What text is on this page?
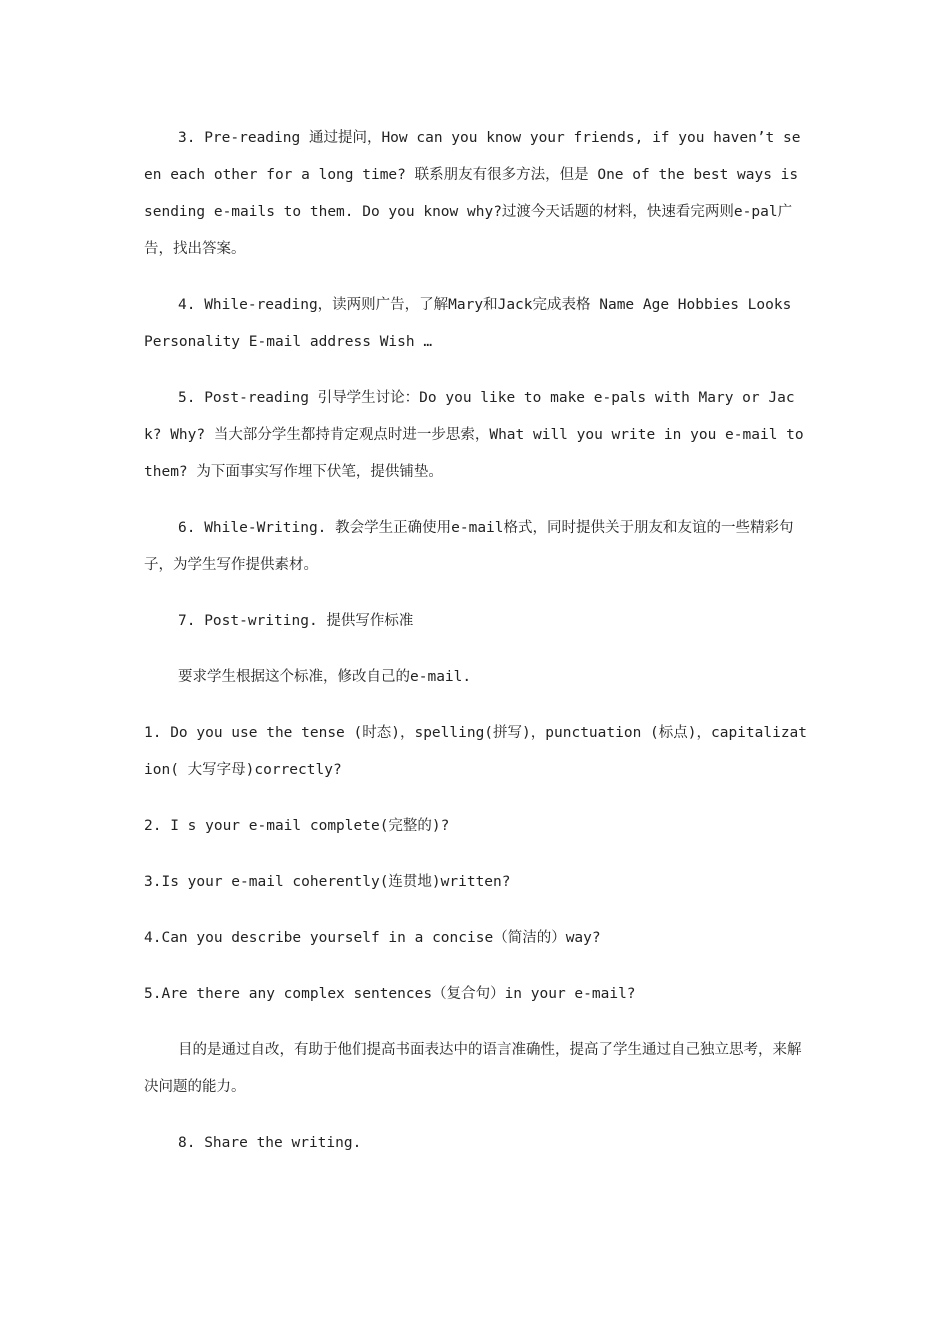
3. Pre-reading 通过提问，How can you know your friends, if you haven’t seen each other for a long time? 联系朋友有很多方法，但是 One of the best ways is sending e-mails to them. Do you know why?过渡今天话题的材料，快速看完两则e-pal广告，找出答案。

4. While-reading，读两则广告，了解Mary和Jack完成表格 Name Age Hobbies Looks Personality E-mail address Wish …

5. Post-reading 引导学生讨论：Do you like to make e-pals with Mary or Jack? Why? 当大部分学生都持肯定观点时进一步思索，What will you write in you e-mail to them? 为下面事实写作埋下伏笔，提供铺垫。

6. While-Writing. 教会学生正确使用e-mail格式，同时提供关于朋友和友谊的一些精彩句子，为学生写作提供素材。

7. Post-writing. 提供写作标准

要求学生根据这个标准，修改自己的e-mail.

1. Do you use the tense (时态)，spelling(拼写)，punctuation (标点)，capitalization( 大写字母)correctly?

2. I s your e-mail complete(完整的)?

3.Is your e-mail coherently(连贯地)written?

4.Can you describe yourself in a concise（简洁的）way?

5.Are there any complex sentences（复合句）in your e-mail?

目的是通过自改，有助于他们提高书面表达中的语言准确性，提高了学生通过自己独立思考，来解决问题的能力。

8. Share the writing.
